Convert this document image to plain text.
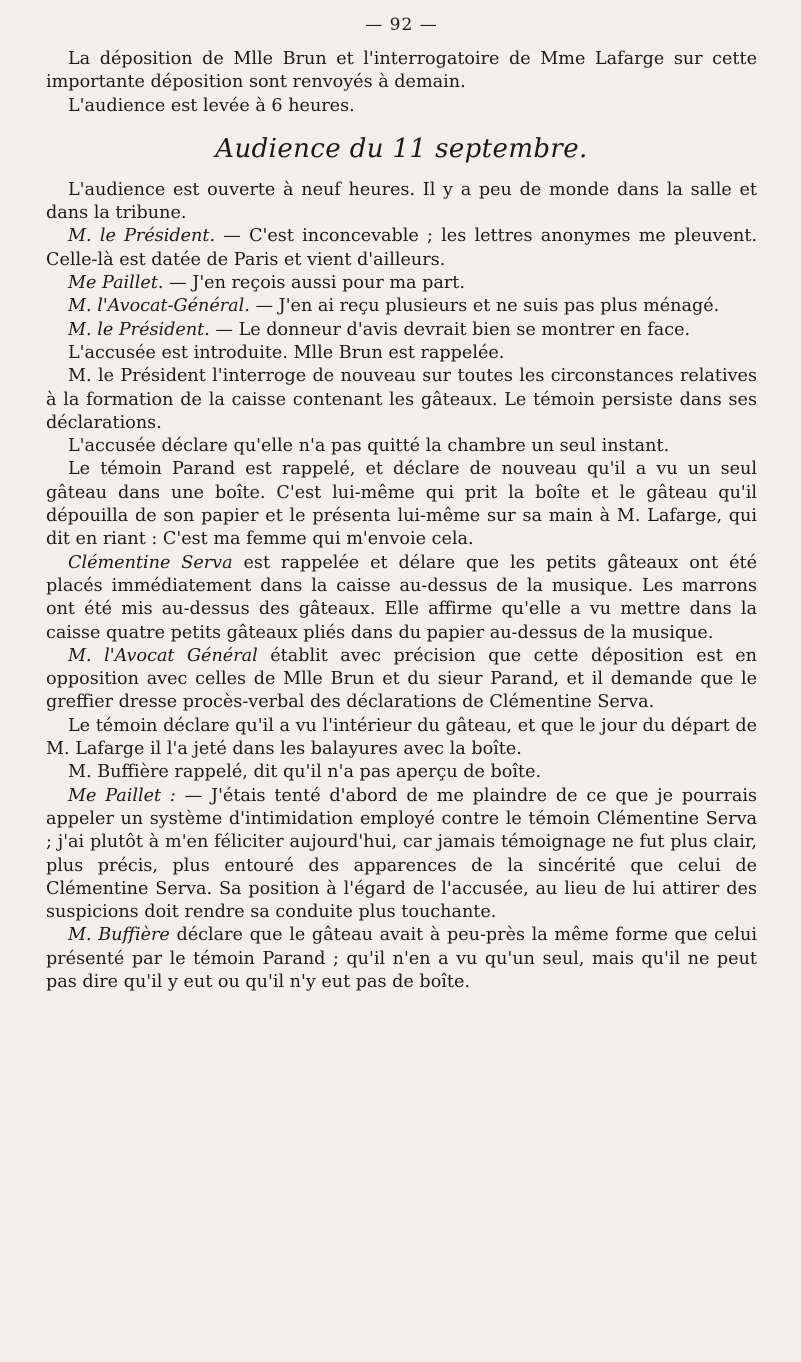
— 92 —

La déposition de Mlle Brun et l'interrogatoire de Mme Lafarge sur cette importante déposition sont renvoyés à demain.

L'audience est levée à 6 heures.

Audience du 11 septembre.

L'audience est ouverte à neuf heures. Il y a peu de monde dans la salle et dans la tribune.

M. le Président. — C'est inconcevable ; les lettres anonymes me pleuvent. Celle-là est datée de Paris et vient d'ailleurs.

Me Paillet. — J'en reçois aussi pour ma part.

M. l'Avocat-Général. — J'en ai reçu plusieurs et ne suis pas plus ménagé.

M. le Président. — Le donneur d'avis devrait bien se montrer en face.

L'accusée est introduite. Mlle Brun est rappelée.

M. le Président l'interroge de nouveau sur toutes les circonstances relatives à la formation de la caisse contenant les gâteaux. Le témoin persiste dans ses déclarations.

L'accusée déclare qu'elle n'a pas quitté la chambre un seul instant.

Le témoin Parand est rappelé, et déclare de nouveau qu'il a vu un seul gâteau dans une boîte. C'est lui-même qui prit la boîte et le gâteau qu'il dépouilla de son papier et le présenta lui-même sur sa main à M. Lafarge, qui dit en riant : C'est ma femme qui m'envoie cela.

Clémentine Serva est rappelée et délare que les petits gâteaux ont été placés immédiatement dans la caisse au-dessus de la musique. Les marrons ont été mis au-dessus des gâteaux. Elle affirme qu'elle a vu mettre dans la caisse quatre petits gâteaux pliés dans du papier au-dessus de la musique.

M. l'Avocat Général établit avec précision que cette déposition est en opposition avec celles de Mlle Brun et du sieur Parand, et il demande que le greffier dresse procès-verbal des déclarations de Clémentine Serva.

Le témoin déclare qu'il a vu l'intérieur du gâteau, et que le jour du départ de M. Lafarge il l'a jeté dans les balayures avec la boîte.

M. Buffière rappelé, dit qu'il n'a pas aperçu de boîte.

Me Paillet : — J'étais tenté d'abord de me plaindre de ce que je pourrais appeler un système d'intimidation employé contre le témoin Clémentine Serva ; j'ai plutôt à m'en féliciter aujourd'hui, car jamais témoignage ne fut plus clair, plus précis, plus entouré des apparences de la sincérité que celui de Clémentine Serva. Sa position à l'égard de l'accusée, au lieu de lui attirer des suspicions doit rendre sa conduite plus touchante.

M. Buffière déclare que le gâteau avait à peu-près la même forme que celui présenté par le témoin Parand ; qu'il n'en a vu qu'un seul, mais qu'il ne peut pas dire qu'il y eut ou qu'il n'y eut pas de boîte.
